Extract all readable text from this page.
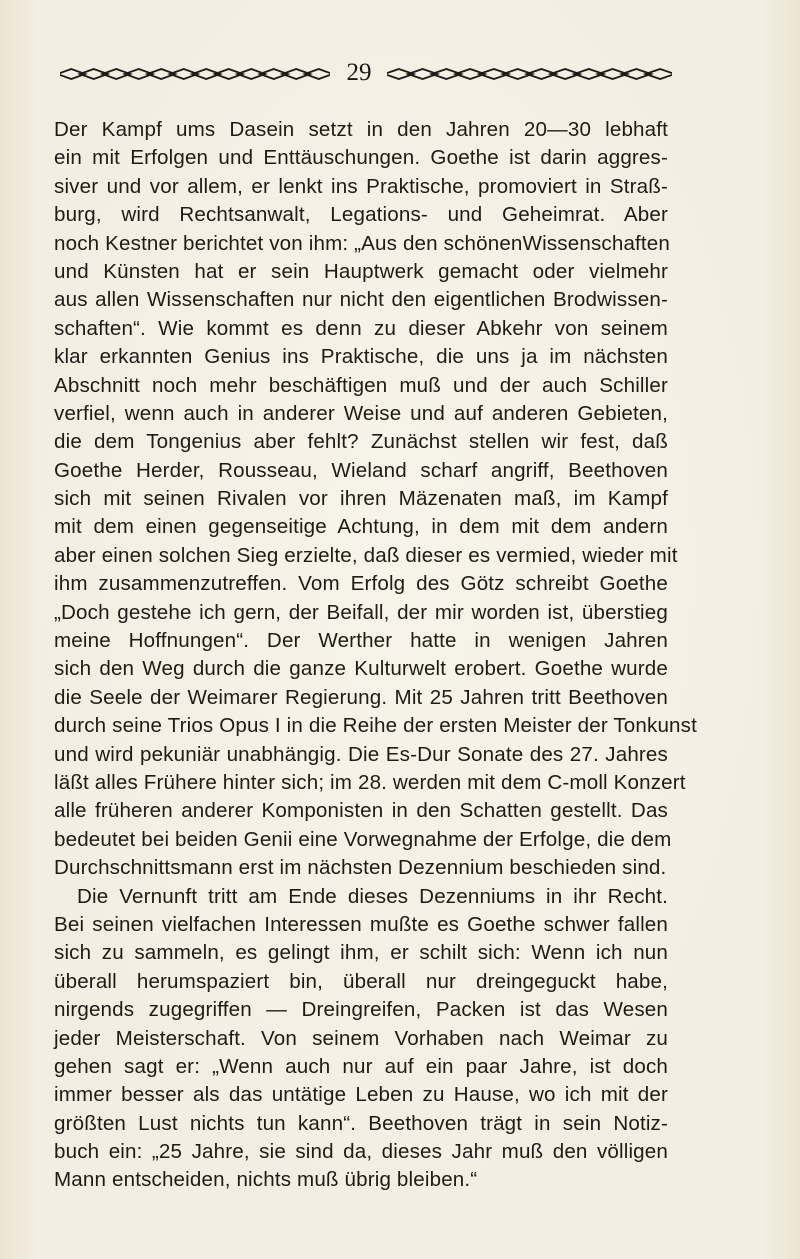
29
Der Kampf ums Dasein setzt in den Jahren 20—30 lebhaft
ein mit Erfolgen und Enttäuschungen. Goethe ist darin aggres-
siver und vor allem, er lenkt ins Praktische, promoviert in Straß-
burg, wird Rechtsanwalt, Legations- und Geheimrat. Aber
noch Kestner berichtet von ihm: „Aus den schönenWissenschaften
und Künsten hat er sein Hauptwerk gemacht oder vielmehr
aus allen Wissenschaften nur nicht den eigentlichen Brodwissen-
schaften“. Wie kommt es denn zu dieser Abkehr von seinem
klar erkannten Genius ins Praktische, die uns ja im nächsten
Abschnitt noch mehr beschäftigen muß und der auch Schiller
verfiel, wenn auch in anderer Weise und auf anderen Gebieten,
die dem Tongenius aber fehlt? Zunächst stellen wir fest, daß
Goethe Herder, Rousseau, Wieland scharf angriff, Beethoven
sich mit seinen Rivalen vor ihren Mäzenaten maß, im Kampf
mit dem einen gegenseitige Achtung, in dem mit dem andern
aber einen solchen Sieg erzielte, daß dieser es vermied, wieder mit
ihm zusammenzutreffen. Vom Erfolg des Götz schreibt Goethe
„Doch gestehe ich gern, der Beifall, der mir worden ist, überstieg
meine Hoffnungen“. Der Werther hatte in wenigen Jahren
sich den Weg durch die ganze Kulturwelt erobert. Goethe wurde
die Seele der Weimarer Regierung. Mit 25 Jahren tritt Beethoven
durch seine Trios Opus I in die Reihe der ersten Meister der Tonkunst
und wird pekuniär unabhängig. Die Es-Dur Sonate des 27. Jahres
läßt alles Frühere hinter sich; im 28. werden mit dem C-moll Konzert
alle früheren anderer Komponisten in den Schatten gestellt. Das
bedeutet bei beiden Genii eine Vorwegnahme der Erfolge, die dem
Durchschnittsmann erst im nächsten Dezennium beschieden sind.
Die Vernunft tritt am Ende dieses Dezenniums in ihr Recht.
Bei seinen vielfachen Interessen mußte es Goethe schwer fallen
sich zu sammeln, es gelingt ihm, er schilt sich: Wenn ich nun
überall herumspaziert bin, überall nur dreingeguckt habe,
nirgends zugegriffen — Dreingreifen, Packen ist das Wesen
jeder Meisterschaft. Von seinem Vorhaben nach Weimar zu
gehen sagt er: „Wenn auch nur auf ein paar Jahre, ist doch
immer besser als das untätige Leben zu Hause, wo ich mit der
größten Lust nichts tun kann“. Beethoven trägt in sein Notiz-
buch ein: „25 Jahre, sie sind da, dieses Jahr muß den völligen
Mann entscheiden, nichts muß übrig bleiben.“
